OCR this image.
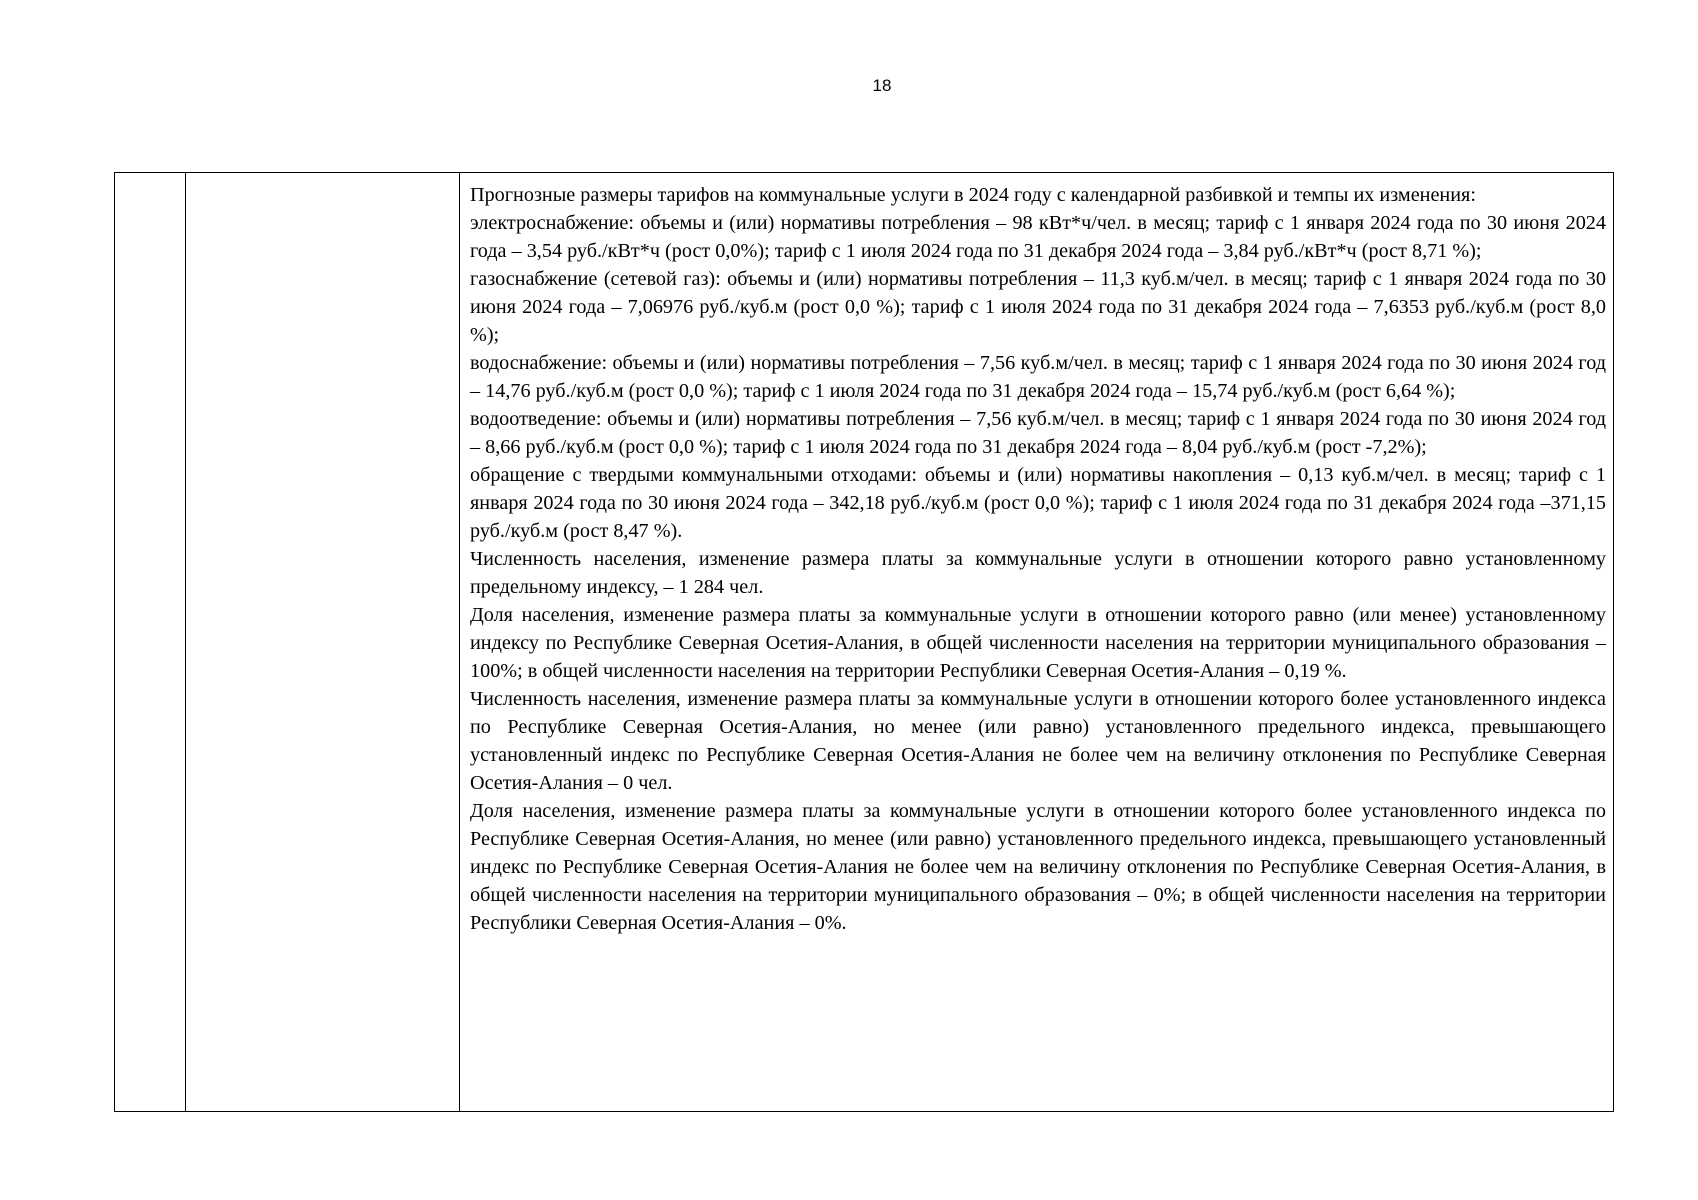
18

Прогнозные размеры тарифов на коммунальные услуги в 2024 году с календарной разбивкой и темпы их изменения:

электроснабжение: объемы и (или) нормативы потребления – 98 кВт*ч/чел. в месяц; тариф с 1 января 2024 года по 30 июня 2024 года – 3,54 руб./кВт*ч (рост 0,0%); тариф с 1 июля 2024 года по 31 декабря 2024 года – 3,84 руб./кВт*ч (рост 8,71 %);

газоснабжение (сетевой газ): объемы и (или) нормативы потребления – 11,3 куб.м/чел. в месяц; тариф с 1 января 2024 года по 30 июня 2024 года – 7,06976 руб./куб.м (рост 0,0 %); тариф с 1 июля 2024 года по 31 декабря 2024 года – 7,6353 руб./куб.м (рост 8,0 %);

водоснабжение: объемы и (или) нормативы потребления – 7,56 куб.м/чел. в месяц; тариф с 1 января 2024 года по 30 июня 2024 год – 14,76 руб./куб.м (рост 0,0 %); тариф с 1 июля 2024 года по 31 декабря 2024 года – 15,74 руб./куб.м (рост 6,64 %);

водоотведение: объемы и (или) нормативы потребления – 7,56 куб.м/чел. в месяц; тариф с 1 января 2024 года по 30 июня 2024 год – 8,66 руб./куб.м (рост 0,0 %); тариф с 1 июля 2024 года по 31 декабря 2024 года – 8,04 руб./куб.м (рост -7,2%);

обращение с твердыми коммунальными отходами: объемы и (или) нормативы накопления – 0,13 куб.м/чел. в месяц; тариф с 1 января 2024 года по 30 июня 2024 года – 342,18 руб./куб.м (рост 0,0 %); тариф с 1 июля 2024 года по 31 декабря 2024 года –371,15 руб./куб.м (рост 8,47 %).

Численность населения, изменение размера платы за коммунальные услуги в отношении которого равно установленному предельному индексу, – 1 284 чел.

Доля населения, изменение размера платы за коммунальные услуги в отношении которого равно (или менее) установленному индексу по Республике Северная Осетия-Алания, в общей численности населения на территории муниципального образования – 100%; в общей численности населения на территории Республики Северная Осетия-Алания – 0,19 %.

Численность населения, изменение размера платы за коммунальные услуги в отношении которого более установленного индекса по Республике Северная Осетия-Алания, но менее (или равно) установленного предельного индекса, превышающего установленный индекс по Республике Северная Осетия-Алания не более чем на величину отклонения по Республике Северная Осетия-Алания – 0 чел.

Доля населения, изменение размера платы за коммунальные услуги в отношении которого более установленного индекса по Республике Северная Осетия-Алания, но менее (или равно) установленного предельного индекса, превышающего установленный индекс по Республике Северная Осетия-Алания не более чем на величину отклонения по Республике Северная Осетия-Алания, в общей численности населения на территории муниципального образования – 0%; в общей численности населения на территории Республики Северная Осетия-Алания – 0%.
